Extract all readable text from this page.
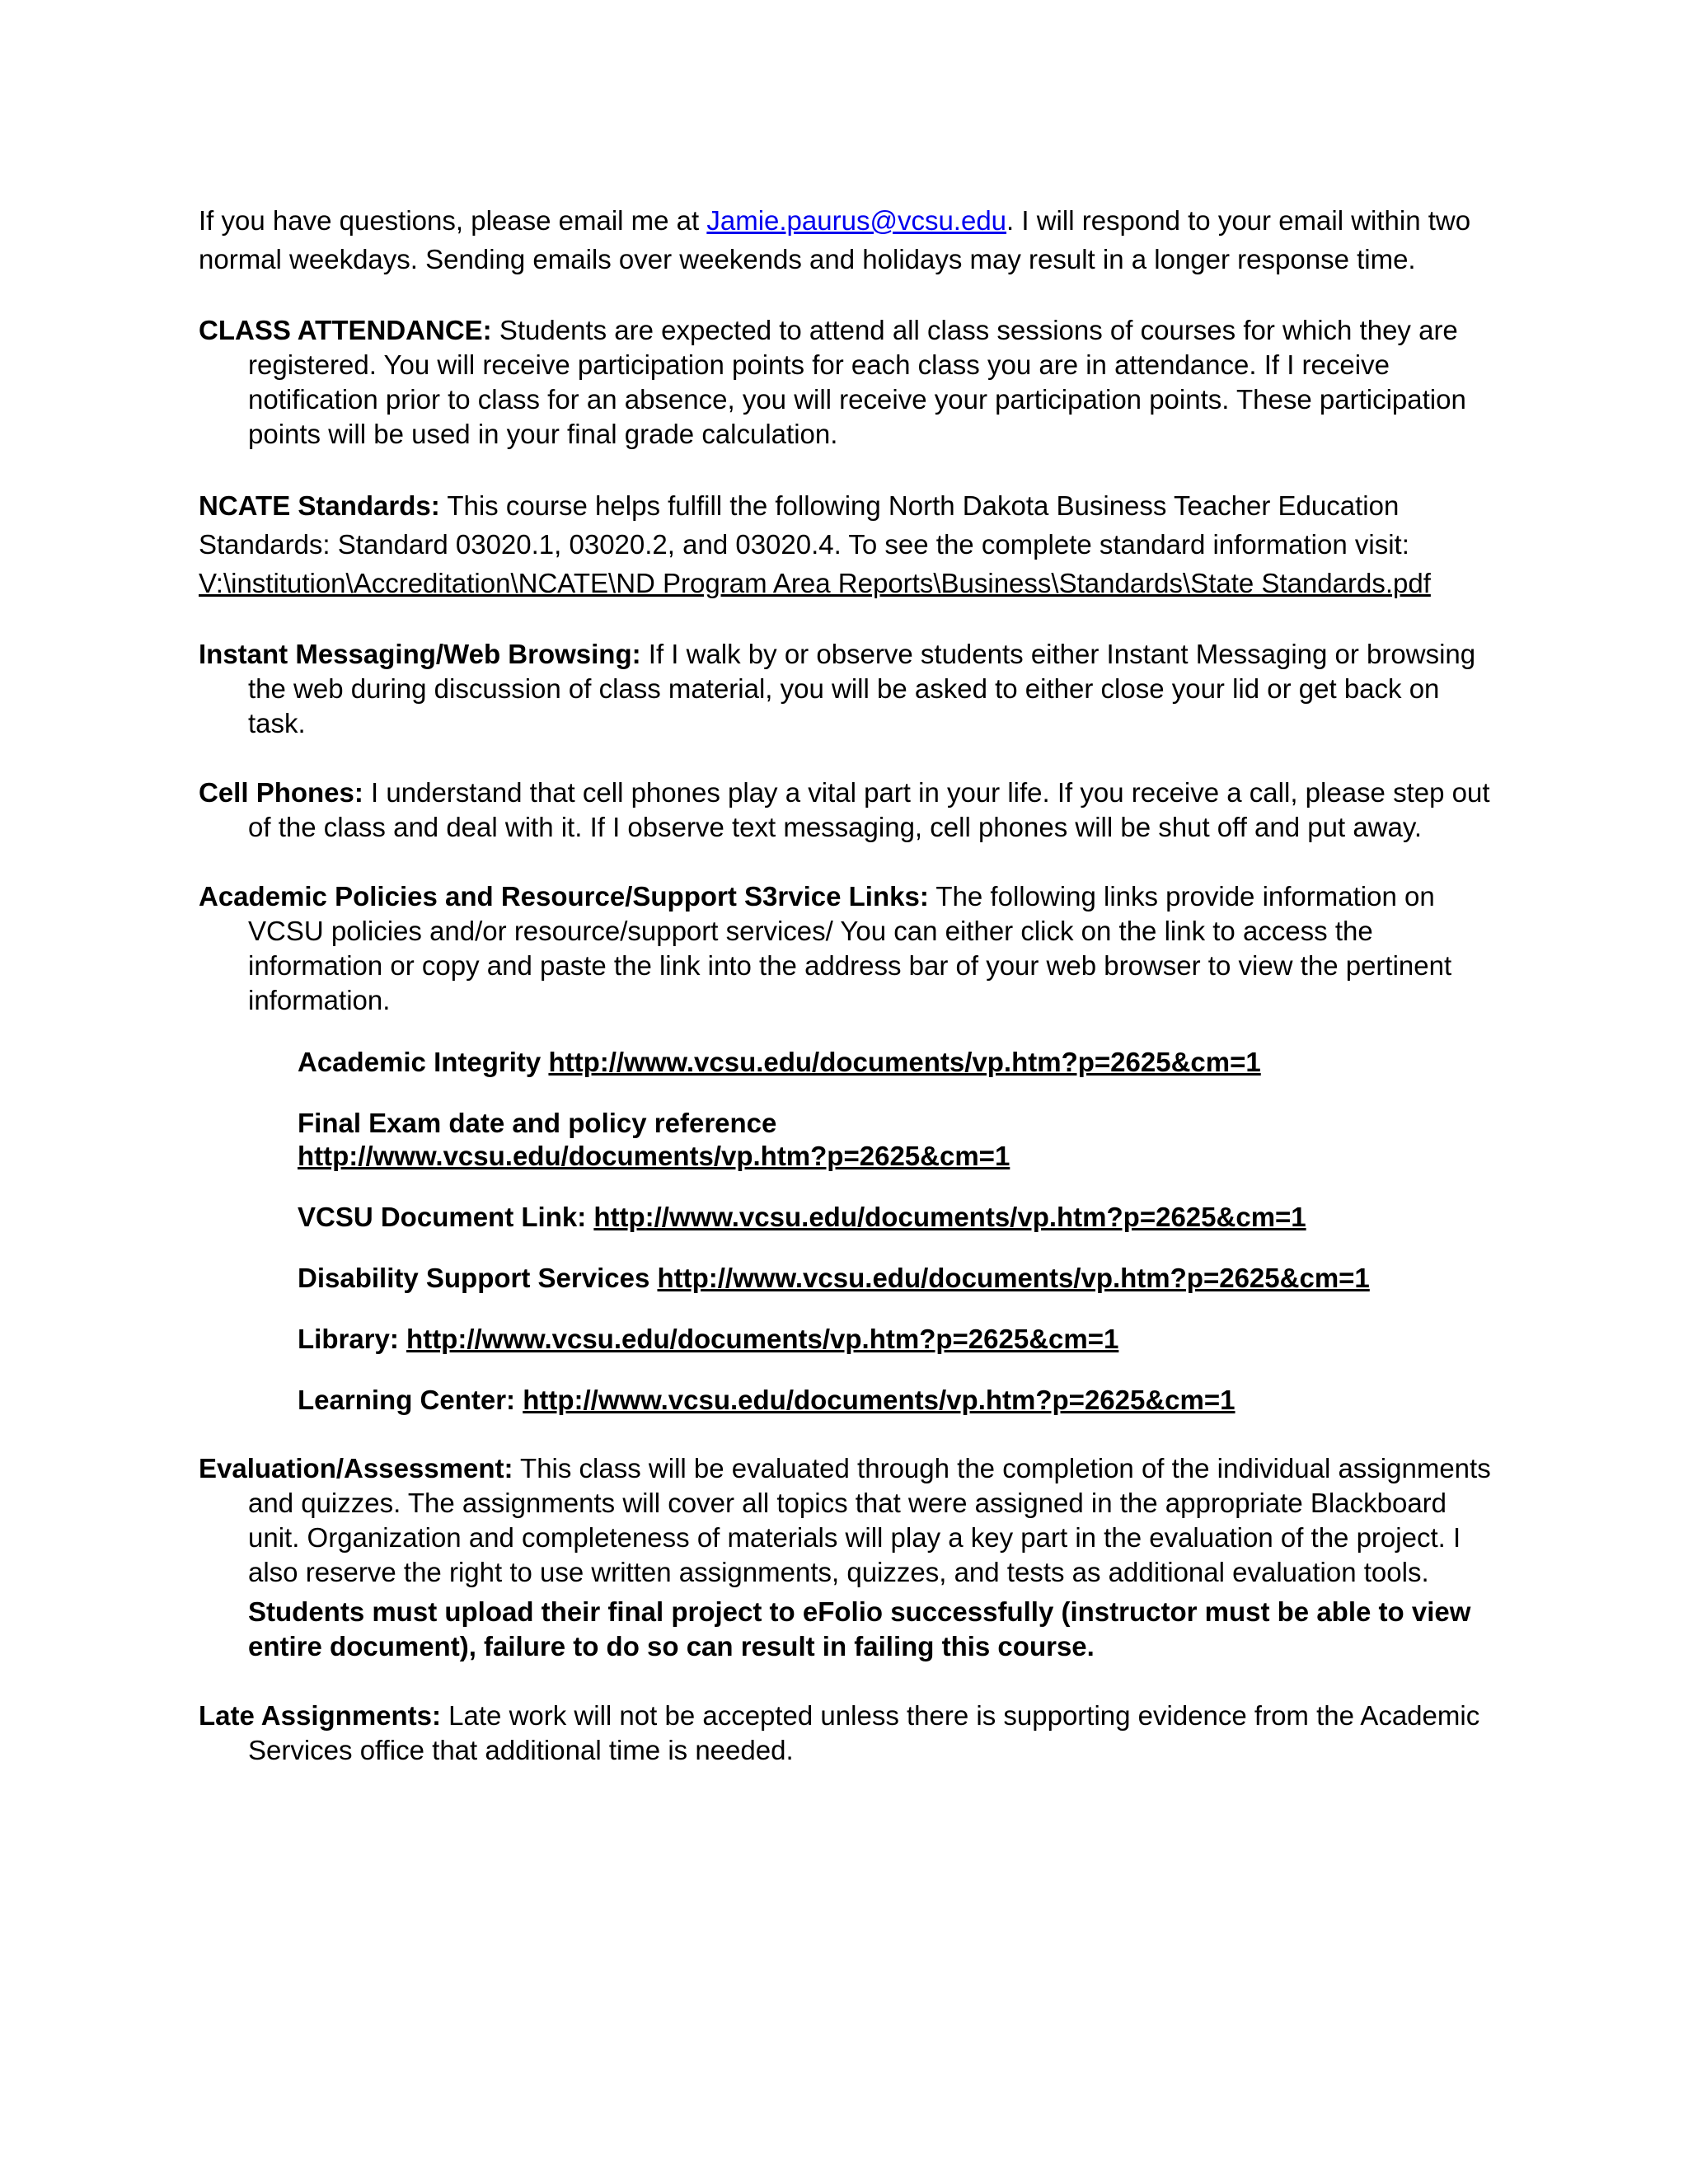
If you have questions, please email me at Jamie.paurus@vcsu.edu. I will respond to your email within two normal weekdays. Sending emails over weekends and holidays may result in a longer response time.

CLASS ATTENDANCE: Students are expected to attend all class sessions of courses for which they are registered. You will receive participation points for each class you are in attendance. If I receive notification prior to class for an absence, you will receive your participation points. These participation points will be used in your final grade calculation.

NCATE Standards: This course helps fulfill the following North Dakota Business Teacher Education Standards: Standard 03020.1, 03020.2, and 03020.4. To see the complete standard information visit: V:\institution\Accreditation\NCATE\ND Program Area Reports\Business\Standards\State Standards.pdf

Instant Messaging/Web Browsing: If I walk by or observe students either Instant Messaging or browsing the web during discussion of class material, you will be asked to either close your lid or get back on task.

Cell Phones: I understand that cell phones play a vital part in your life. If you receive a call, please step out of the class and deal with it. If I observe text messaging, cell phones will be shut off and put away.

Academic Policies and Resource/Support S3rvice Links: The following links provide information on VCSU policies and/or resource/support services/ You can either click on the link to access the information or copy and paste the link into the address bar of your web browser to view the pertinent information.

Academic Integrity http://www.vcsu.edu/documents/vp.htm?p=2625&cm=1
Final Exam date and policy reference
http://www.vcsu.edu/documents/vp.htm?p=2625&cm=1
VCSU Document Link: http://www.vcsu.edu/documents/vp.htm?p=2625&cm=1
Disability Support Services http://www.vcsu.edu/documents/vp.htm?p=2625&cm=1
Library: http://www.vcsu.edu/documents/vp.htm?p=2625&cm=1
Learning Center: http://www.vcsu.edu/documents/vp.htm?p=2625&cm=1

Evaluation/Assessment: This class will be evaluated through the completion of the individual assignments and quizzes. The assignments will cover all topics that were assigned in the appropriate Blackboard unit. Organization and completeness of materials will play a key part in the evaluation of the project. I also reserve the right to use written assignments, quizzes, and tests as additional evaluation tools.

Students must upload their final project to eFolio successfully (instructor must be able to view entire document), failure to do so can result in failing this course.

Late Assignments: Late work will not be accepted unless there is supporting evidence from the Academic Services office that additional time is needed.
